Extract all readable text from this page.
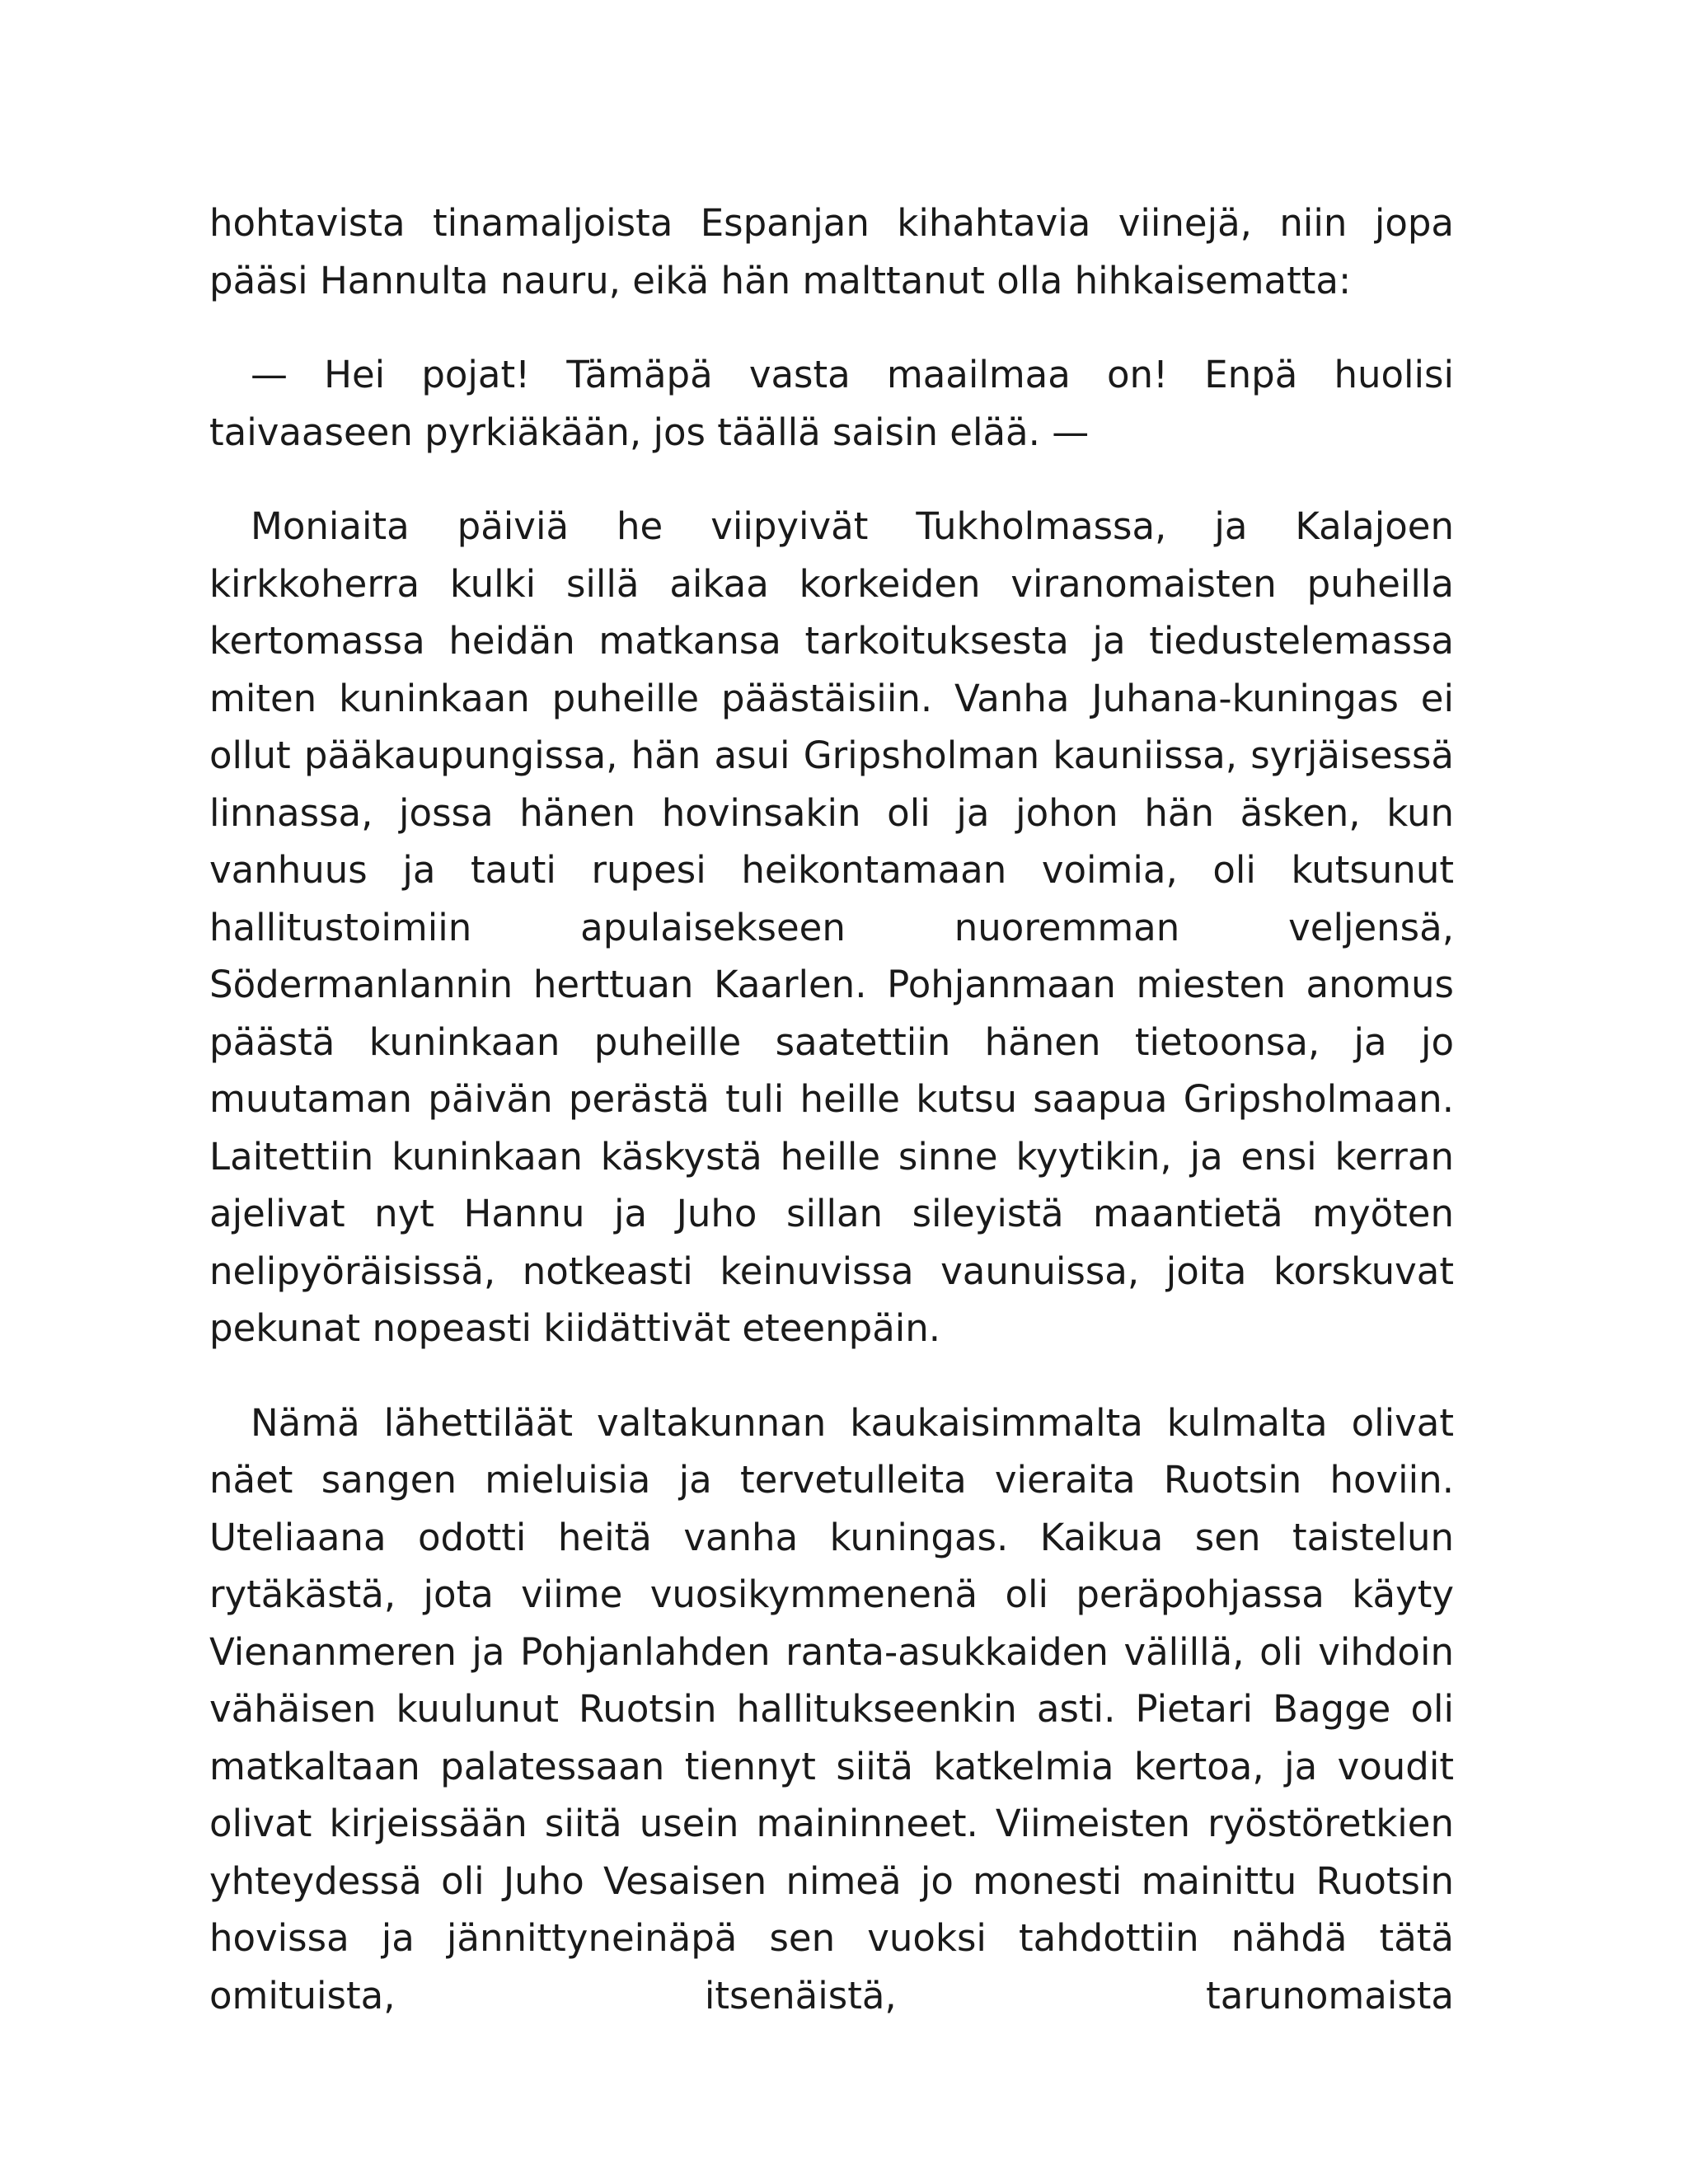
hohtavista tinamaljoista Espanjan kihahtavia viinejä, niin jopa pääsi Hannulta nauru, eikä hän malttanut olla hihkaisematta:

— Hei pojat! Tämäpä vasta maailmaa on! Enpä huolisi taivaaseen pyrkiäkään, jos täällä saisin elää. —

Moniaita päiviä he viipyivät Tukholmassa, ja Kalajoen kirkkoherra kulki sillä aikaa korkeiden viranomaisten puheilla kertomassa heidän matkansa tarkoituksesta ja tiedustelemassa miten kuninkaan puheille päästäisiin. Vanha Juhana-kuningas ei ollut pääkaupungissa, hän asui Gripsholman kauniissa, syrjäisessä linnassa, jossa hänen hovinsakin oli ja johon hän äsken, kun vanhuus ja tauti rupesi heikontamaan voimia, oli kutsunut hallitustoimiin apulaisekseen nuoremman veljensä, Södermanlannin herttuan Kaarlen. Pohjanmaan miesten anomus päästä kuninkaan puheille saatettiin hänen tietoonsa, ja jo muutaman päivän perästä tuli heille kutsu saapua Gripsholmaan. Laitettiin kuninkaan käskystä heille sinne kyytikin, ja ensi kerran ajelivat nyt Hannu ja Juho sillan sileyistä maantietä myöten nelipyöräisissä, notkeasti keinuvissa vaunuissa, joita korskuvat pekunat nopeasti kiidättivät eteenpäin.

Nämä lähettiläät valtakunnan kaukaisimmalta kulmalta olivat näet sangen mieluisia ja tervetulleita vieraita Ruotsin hoviin. Uteliaana odotti heitä vanha kuningas. Kaikua sen taistelun rytäkästä, jota viime vuosikymmenenä oli peräpohjassa käyty Vienanmeren ja Pohjanlahden ranta-asukkaiden välillä, oli vihdoin vähäisen kuulunut Ruotsin hallitukseenkin asti. Pietari Bagge oli matkaltaan palatessaan tiennyt siitä katkelmia kertoa, ja voudit olivat kirjeissään siitä usein maininneet. Viimeisten ryöstöretkien yhteydessä oli Juho Vesaisen nimeä jo monesti mainittu Ruotsin hovissa ja jännittyneinäpä sen vuoksi tahdottiin nähdä tätä omituista, itsenäistä, tarunomaista
